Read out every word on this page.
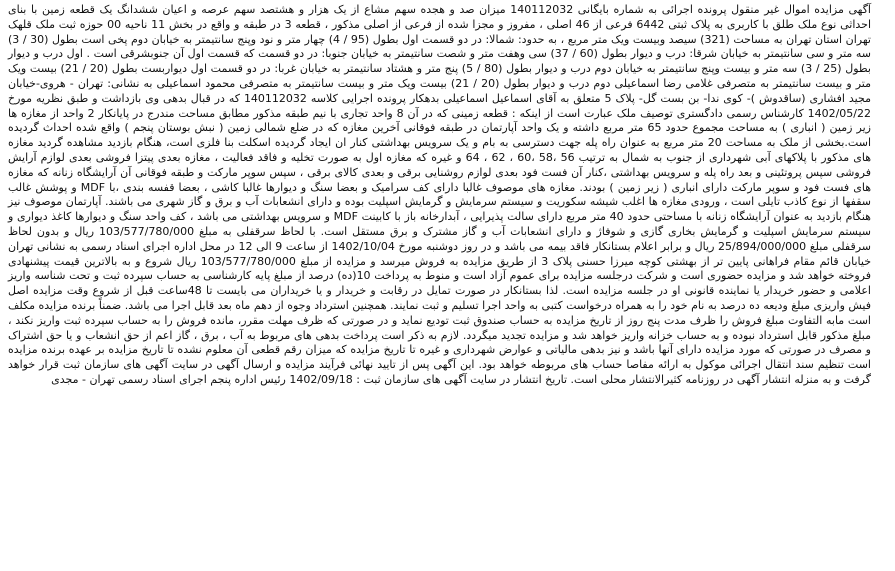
آگهی مزایده اموال غیر منقول پرونده اجرائی به شماره بایگانی 140112032 میزان صد و هجده سهم مشاع از یک هزار و هشتصد سهم عرصه و اعیان ششدانگ یک قطعه زمین با بنای احداثی نوع ملک طلق با کاربری به پلاک ثبتی 6442 فرعی از 46 اصلی ، مفروز و مجزا شده از فرعی از اصلی مذکور ، قطعه 3 در طبقه و واقع در بخش 11 ناحیه 00 حوزه ثبت ملک قلهک تهران استان تهران به مساحت (321) سیصد وبیست ویک متر مربع ، به حدود: شمالا: در دو قسمت اول بطول (95 / 4) چهار متر و نود وپنج سانتیمتر به خیابان دوم پخی است بطول (30 / 3) سه متر و سی سانتیمتر به خیابان شرقا: درب و دیوار بطول (60 / 37) سی وهفت متر و شصت سانتیمتر به خیابان جنوبا: در دو قسمت که قسمت اول آن جنوبشرقی است . اول درب و دیوار بطول (25 / 3) سه متر و بیست وپنج سانتیمتر به خیابان دوم درب و دیوار بطول (80 / 5) پنج متر و هشتاد سانتیمتر به خیابان غربا: در دو قسمت اول دیواربست بطول (20 / 21) بیست ویک متر و بیست سانتیمتر به متصرفی غلامی رضا اسماعیلی دوم درب و دیوار بطول (20 / 21) بیست ویک متر و بیست سانتیمتر به متصرفی محمود اسماعیلی به نشانی: تهران - هروی-خیابان مجید افشاری (ساقدوش )- کوی ندا- بن بست گل- پلاک 5 متعلق به آقای اسماعیل اسماعیلی بدهکار پرونده اجرایی کلاسه 140112032 که در قبال بدهی وی بازداشت و طبق نظریه مورخ 1402/05/22 کارشناس رسمی دادگستری توصیف ملک عبارت است از اینکه : قطعه زمینی که در آن 8 واحد تجاری با نیم طبقه مذکور مطابق مساحت مندرج در پایانکار 2 واحد از مغازه ها زیر زمین ( انباری ) به مساحت مجموع حدود 65 متر مربع داشته و یک واحد آپارتمان در طبقه فوقانی آخرین مغازه که در ضلع شمالی زمین ( نبش بوستان پنجم ) واقع شده احداث گردیده است.بخشی از ملک به مساحت 20 متر مربع به عنوان راه پله جهت دسترسی به بام و یک سرویس بهداشتی کنار ان ایجاد گردیده اسکلت بنا فلزی است، هنگام بازدید مشاهده گردید مغازه های مذکور با پلاکهای آبی شهرداری از جنوب به شمال به ترتیب 56 ،58 ،60 ، 62 ، 64 و غیره که مغازه اول به صورت تخلیه و فاقد فعالیت ، مغازه بعدی پیتزا فروشی بعدی لوازم آرایش فروشی سپس پروتئینی و بعد راه پله و سرویس بهداشتی ،کنار آن فست فود بعدی لوازم روشنایی برقی و بعدی کالای برقی ، سپس سوپر مارکت و طبقه فوقانی آن آرایشگاه زنانه که مغازه های فست فود و سوپر مارکت دارای انباری ( زیر زمین ) بودند. مغازه های موصوف غالبا دارای کف سرامیک و بعضا سنگ و دیوارها غالبا کاشی ، بعضا قفسه بندی ،با MDF و پوشش غالب سقفها از نوع کاذب تایلی است ، ورودی مغازه ها اغلب شیشه سکوریت و سیستم سرمایش و گرمایش اسپلیت بوده و دارای انشعابات آب و برق و گاز شهری می باشند. آپارتمان موصوف نیز هنگام بازدید به عنوان آرایشگاه زنانه با مساحتی حدود 40 متر مربع دارای سالت پذیرایی ، آبدارخانه باز با کابینت MDF و سرویس بهداشتی می باشد ، کف واحد سنگ و دیوارها کاغذ دیواری و سیستم سرمایش اسپلیت و گرمایش بخاری گازی و شوفاژ و دارای انشعابات آب و گاز مشترک و برق مستقل است. با لحاظ سرقفلی به مبلغ 103/577/780/000 ریال و بدون لحاظ سرقفلی مبلغ 25/894/000/000 ریال و برابر اعلام بستانکار فاقد بیمه می باشد و در روز دوشنبه مورخ 1402/10/04 از ساعت 9 الی 12 در محل اداره اجرای اسناد رسمی به نشانی تهران خیابان قائم مقام فراهانی پایین تر از بهشتی کوچه میرزا حسنی پلاک 3 از طریق مزایده به فروش میرسد و مزایده از مبلغ 103/577/780/000 ریال شروع و به بالاترین قیمت پیشنهادی فروخته خواهد شد و مزایده حضوری است و شرکت درجلسه مزایده برای عموم آزاد است و منوط به پرداخت 10(ده) درصد از مبلغ پایه کارشناسی به حساب سپرده ثبت و تحت شناسه واریز اعلامی و حضور خریدار یا نماینده قانونی او در جلسه مزایده است. لذا بستانکار در صورت تمایل در رقابت و خریدار و یا خریداران می بایست تا 48ساعت قبل از شروع وقت مزایده اصل فیش واریزی مبلغ ودیعه ده درصد به نام خود را به همراه درخواست کتبی به واحد اجرا تسلیم و ثبت نمایند. همچنین استرداد وجوه از دهم ماه بعد قابل اجرا می باشد. ضمناً برنده مزایده مکلف است مابه التفاوت مبلغ فروش را ظرف مدت پنج روز از تاریخ مزایده به حساب صندوق ثبت تودیع نماید و در صورتی که ظرف مهلت مقرر، مانده فروش را به حساب سپرده ثبت واریز نکند ، مبلغ مذکور قابل استرداد نبوده و به حساب خزانه واریز خواهد شد و مزایده تجدید میگردد. لازم به ذکر است پرداخت بدهی های مربوط به آب ، برق ، گاز اعم از حق انشعاب و یا حق اشتراک و مصرف در صورتی که مورد مزایده دارای آنها باشد و نیز بدهی مالیاتی و عوارض شهرداری و غیره تا تاریخ مزایده که میزان رقم قطعی آن معلوم نشده تا تاریخ مزایده بر عهده برنده مزایده است تنظیم سند انتقال اجرائی موکول به ارائه مفاصا حساب های مربوطه خواهد بود. این آگهی پس از تایید نهائی فرآیند مزایده و ارسال آگهی در سایت آگهی های سازمان ثبت قرار خواهد گرفت و به منزله انتشار آگهی در روزنامه کثیرالانتشار محلی است. تاریخ انتشار در سایت آگهی های سازمان ثبت : 1402/09/18 رئیس اداره پنجم اجرای اسناد رسمی تهران - مجدی
